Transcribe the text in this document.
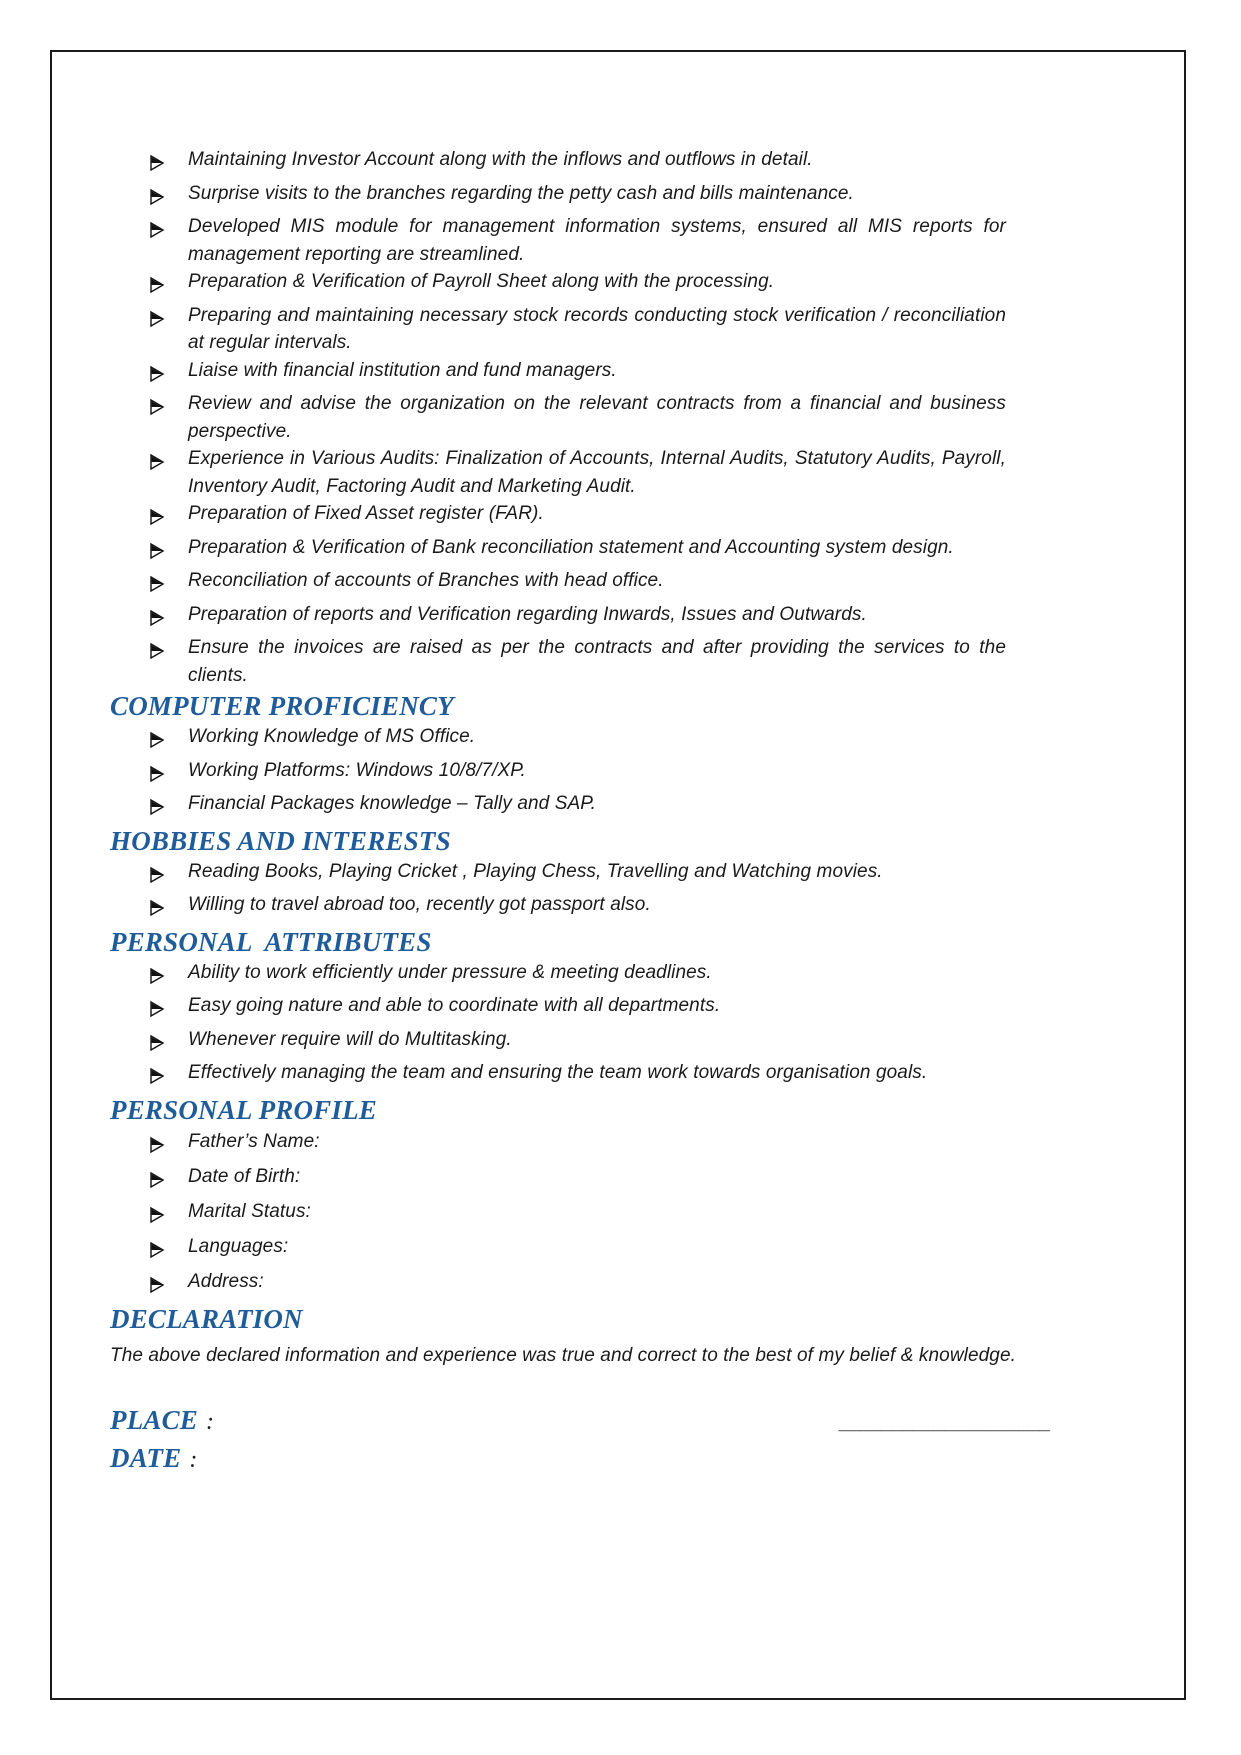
Maintaining Investor Account along with the inflows and outflows in detail.
Surprise visits to the branches regarding the petty cash and bills maintenance.
Developed MIS module for management information systems, ensured all MIS reports for management reporting are streamlined.
Preparation & Verification of Payroll Sheet along with the processing.
Preparing and maintaining necessary stock records conducting stock verification / reconciliation at regular intervals.
Liaise with financial institution and fund managers.
Review and advise the organization on the relevant contracts from a financial and business perspective.
Experience in Various Audits: Finalization of Accounts, Internal Audits, Statutory Audits, Payroll, Inventory Audit, Factoring Audit and Marketing Audit.
Preparation of Fixed Asset register (FAR).
Preparation & Verification of Bank reconciliation statement and Accounting system design.
Reconciliation of accounts of Branches with head office.
Preparation of reports and Verification regarding Inwards, Issues and Outwards.
Ensure the invoices are raised as per the contracts and after providing the services to the clients.
COMPUTER PROFICIENCY
Working Knowledge of MS Office.
Working Platforms: Windows 10/8/7/XP.
Financial Packages knowledge – Tally and SAP.
HOBBIES AND INTERESTS
Reading Books, Playing Cricket , Playing Chess, Travelling and Watching movies.
Willing to travel abroad too, recently got passport also.
PERSONAL  ATTRIBUTES
Ability to work efficiently under pressure & meeting deadlines.
Easy going nature and able to coordinate with all departments.
Whenever require will do Multitasking.
Effectively managing the team and ensuring the team work towards organisation goals.
PERSONAL PROFILE
Father’s Name:
Date of Birth:
Marital Status:
Languages:
Address:
DECLARATION

The above declared information and experience was true and correct to the best of my belief & knowledge.

PLACE :	____________________
DATE :
